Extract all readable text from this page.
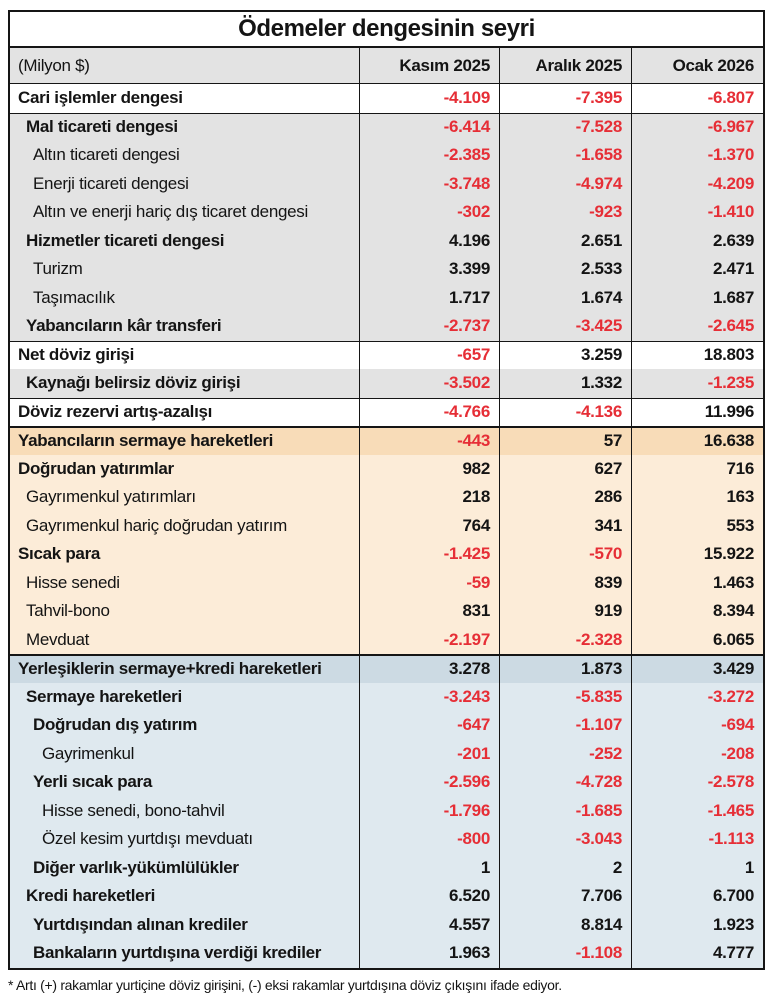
Ödemeler dengesinin seyri
(Milyon $)	Kasım 2025	Aralık 2025	Ocak 2026
Cari işlemler dengesi	-4.109	-7.395	-6.807
Mal ticareti dengesi	-6.414	-7.528	-6.967
Altın ticareti dengesi	-2.385	-1.658	-1.370
Enerji ticareti dengesi	-3.748	-4.974	-4.209
Altın ve enerji hariç dış ticaret dengesi	-302	-923	-1.410
Hizmetler ticareti dengesi	4.196	2.651	2.639
Turizm	3.399	2.533	2.471
Taşımacılık	1.717	1.674	1.687
Yabancıların kâr transferi	-2.737	-3.425	-2.645
Net döviz girişi	-657	3.259	18.803
Kaynağı belirsiz döviz girişi	-3.502	1.332	-1.235
Döviz rezervi artış-azalışı	-4.766	-4.136	11.996
Yabancıların sermaye hareketleri	-443	57	16.638
Doğrudan yatırımlar	982	627	716
Gayrımenkul yatırımları	218	286	163
Gayrımenkul hariç doğrudan yatırım	764	341	553
Sıcak para	-1.425	-570	15.922
Hisse senedi	-59	839	1.463
Tahvil-bono	831	919	8.394
Mevduat	-2.197	-2.328	6.065
Yerleşiklerin sermaye+kredi hareketleri	3.278	1.873	3.429
Sermaye hareketleri	-3.243	-5.835	-3.272
Doğrudan dış yatırım	-647	-1.107	-694
Gayrimenkul	-201	-252	-208
Yerli sıcak para	-2.596	-4.728	-2.578
Hisse senedi, bono-tahvil	-1.796	-1.685	-1.465
Özel kesim yurtdışı mevduatı	-800	-3.043	-1.113
Diğer varlık-yükümlülükler	1	2	1
Kredi hareketleri	6.520	7.706	6.700
Yurtdışından alınan krediler	4.557	8.814	1.923
Bankaların yurtdışına verdiği krediler	1.963	-1.108	4.777
* Artı (+) rakamlar yurtiçine döviz girişini, (-) eksi rakamlar yurtdışına döviz çıkışını ifade ediyor.
